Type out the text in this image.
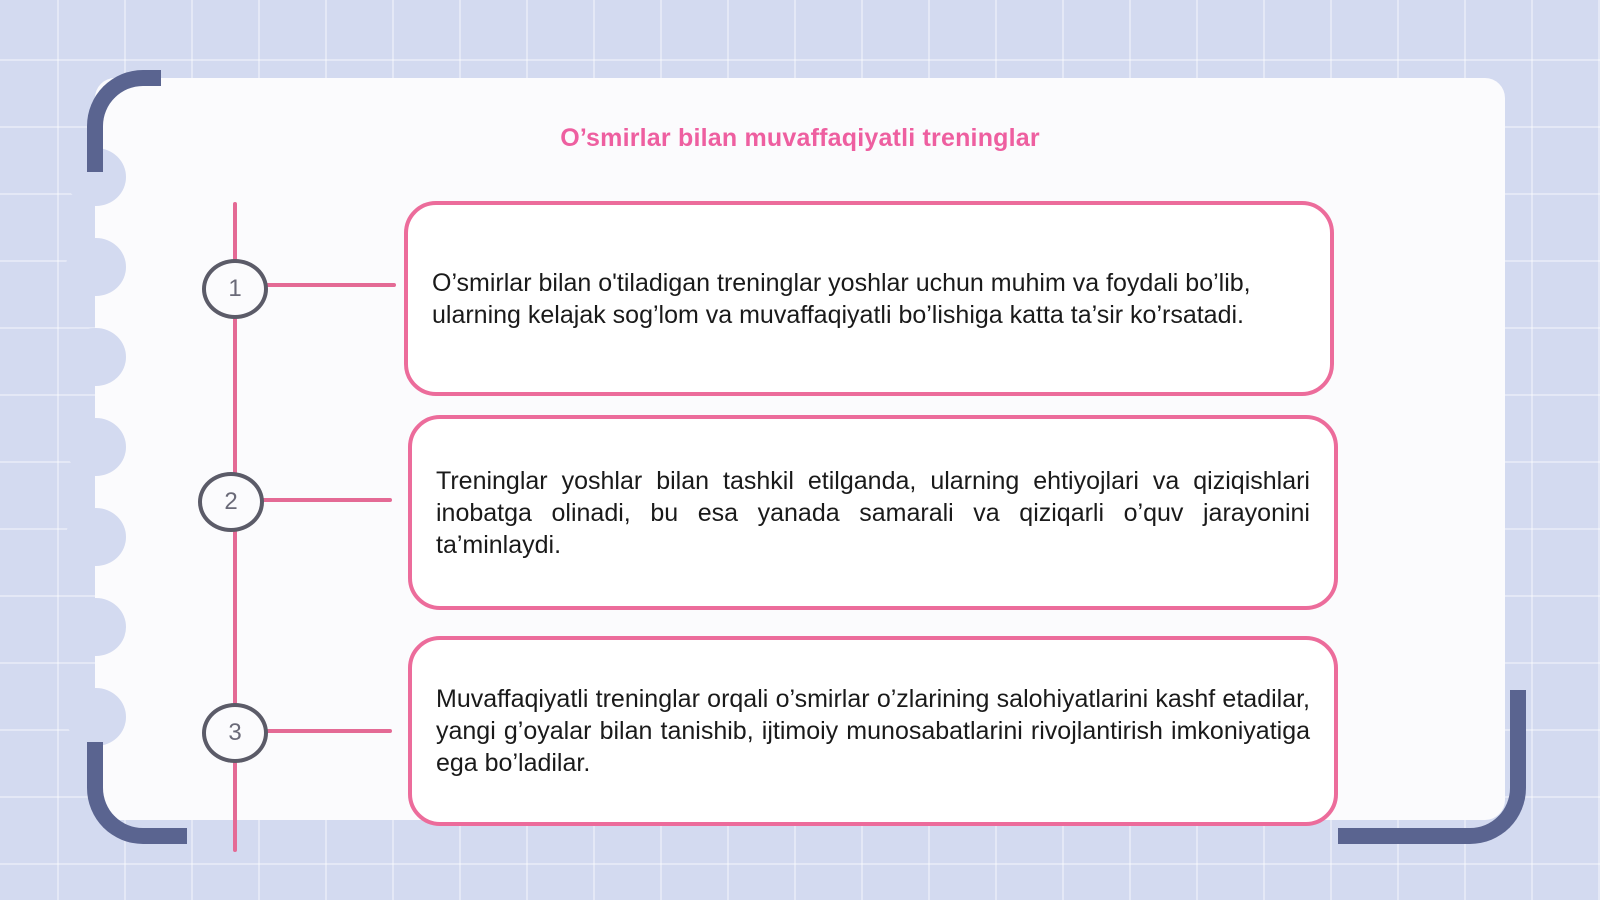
O’smirlar bilan muvaffaqiyatli treninglar
1
2
3

O’smirlar bilan o'tiladigan treninglar yoshlar uchun muhim va foydali bo’lib, ularning kelajak sog’lom va muvaffaqiyatli bo’lishiga katta ta’sir ko’rsatadi.

Treninglar yoshlar bilan tashkil etilganda, ularning ehtiyojlari va qiziqishlari inobatga olinadi, bu esa yanada samarali va qiziqarli o’quv jarayonini ta’minlaydi.

Muvaffaqiyatli treninglar orqali o’smirlar o’zlarining salohiyatlarini kashf etadilar, yangi g’oyalar bilan tanishib, ijtimoiy munosabatlarini rivojlantirish imkoniyatiga ega bo’ladilar.
